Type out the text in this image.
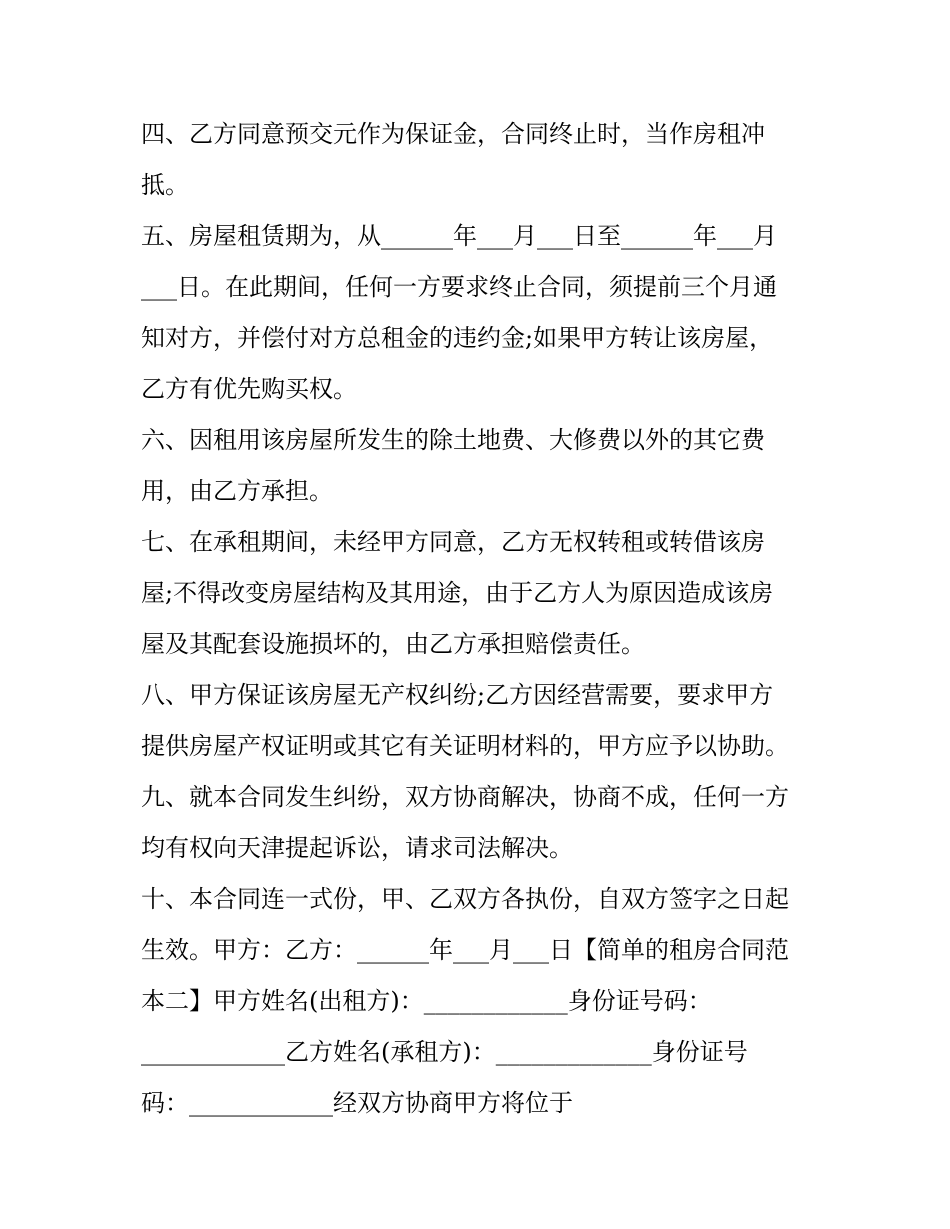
四、乙方同意预交元作为保证金，合同终止时，当作房租冲
抵。
五、房屋租赁期为，从______年___月___日至______年___月
___日。在此期间，任何一方要求终止合同，须提前三个月通
知对方，并偿付对方总租金的违约金;如果甲方转让该房屋，
乙方有优先购买权。
六、因租用该房屋所发生的除土地费、大修费以外的其它费
用，由乙方承担。
七、在承租期间，未经甲方同意，乙方无权转租或转借该房
屋;不得改变房屋结构及其用途，由于乙方人为原因造成该房
屋及其配套设施损坏的，由乙方承担赔偿责任。
八、甲方保证该房屋无产权纠纷;乙方因经营需要，要求甲方
提供房屋产权证明或其它有关证明材料的，甲方应予以协助。
九、就本合同发生纠纷，双方协商解决，协商不成，任何一方
均有权向天津提起诉讼，请求司法解决。
十、本合同连一式份，甲、乙双方各执份，自双方签字之日起
生效。甲方：乙方：______年___月___日【简单的租房合同范
本二】甲方姓名(出租方)：____________身份证号码：
____________乙方姓名(承租方)：_____________身份证号
码：____________经双方协商甲方将位于
